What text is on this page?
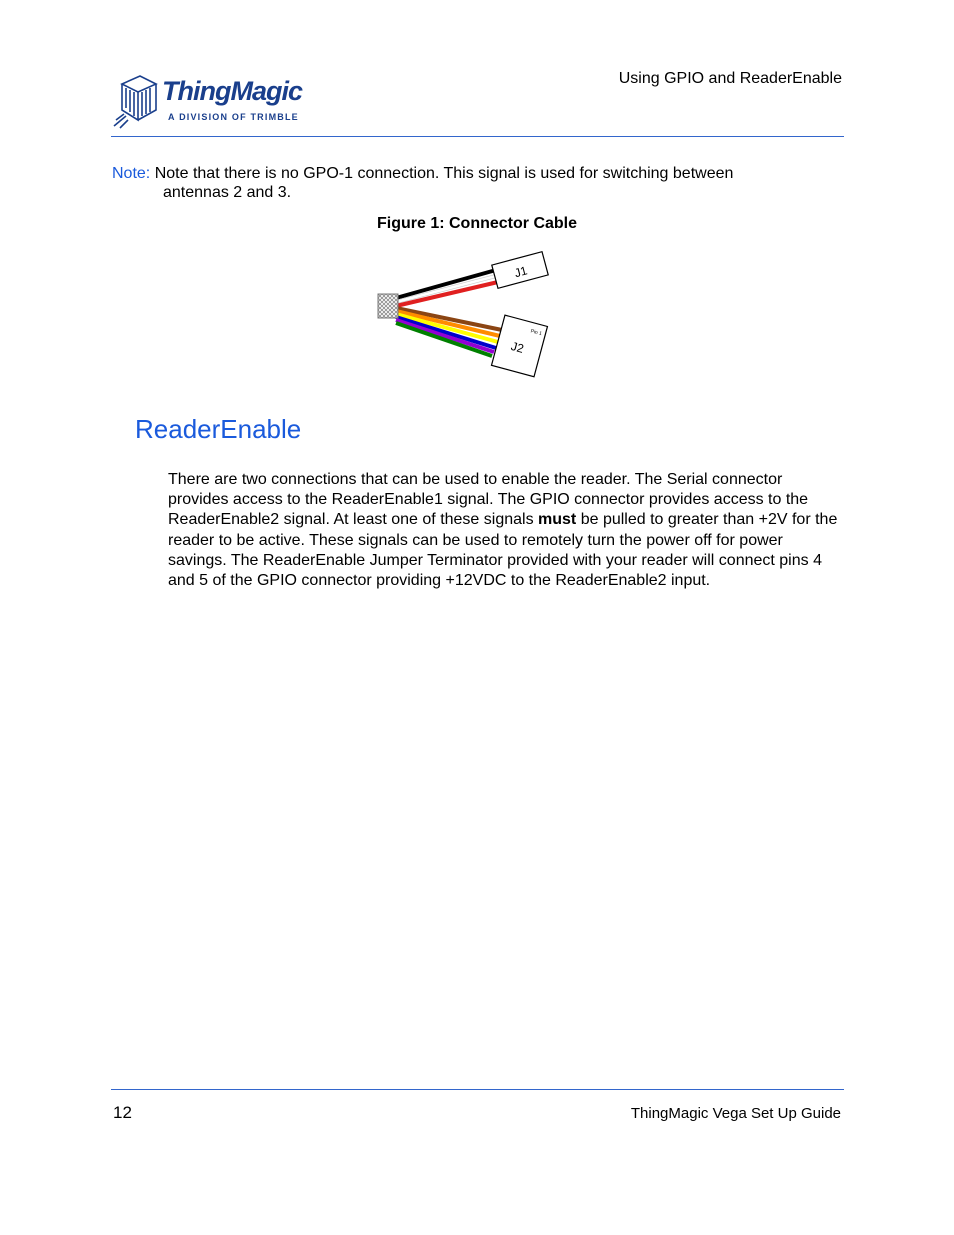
ThingMagic
A DIVISION OF TRIMBLE
Using GPIO and ReaderEnable
Note: Note that there is no GPO-1 connection. This signal is used for switching between
antennas 2 and 3.
Figure 1: Connector Cable
J1
J2
Pin 1
ReaderEnable

There are two connections that can be used to enable the reader. The Serial connector provides access to the ReaderEnable1 signal. The GPIO connector provides access to the ReaderEnable2 signal. At least one of these signals must be pulled to greater than +2V for the reader to be active. These signals can be used to remotely turn the power off for power savings. The ReaderEnable Jumper Terminator provided with your reader will connect pins 4 and 5 of the GPIO connector providing +12VDC to the ReaderEnable2 input.

12	ThingMagic Vega Set Up Guide
